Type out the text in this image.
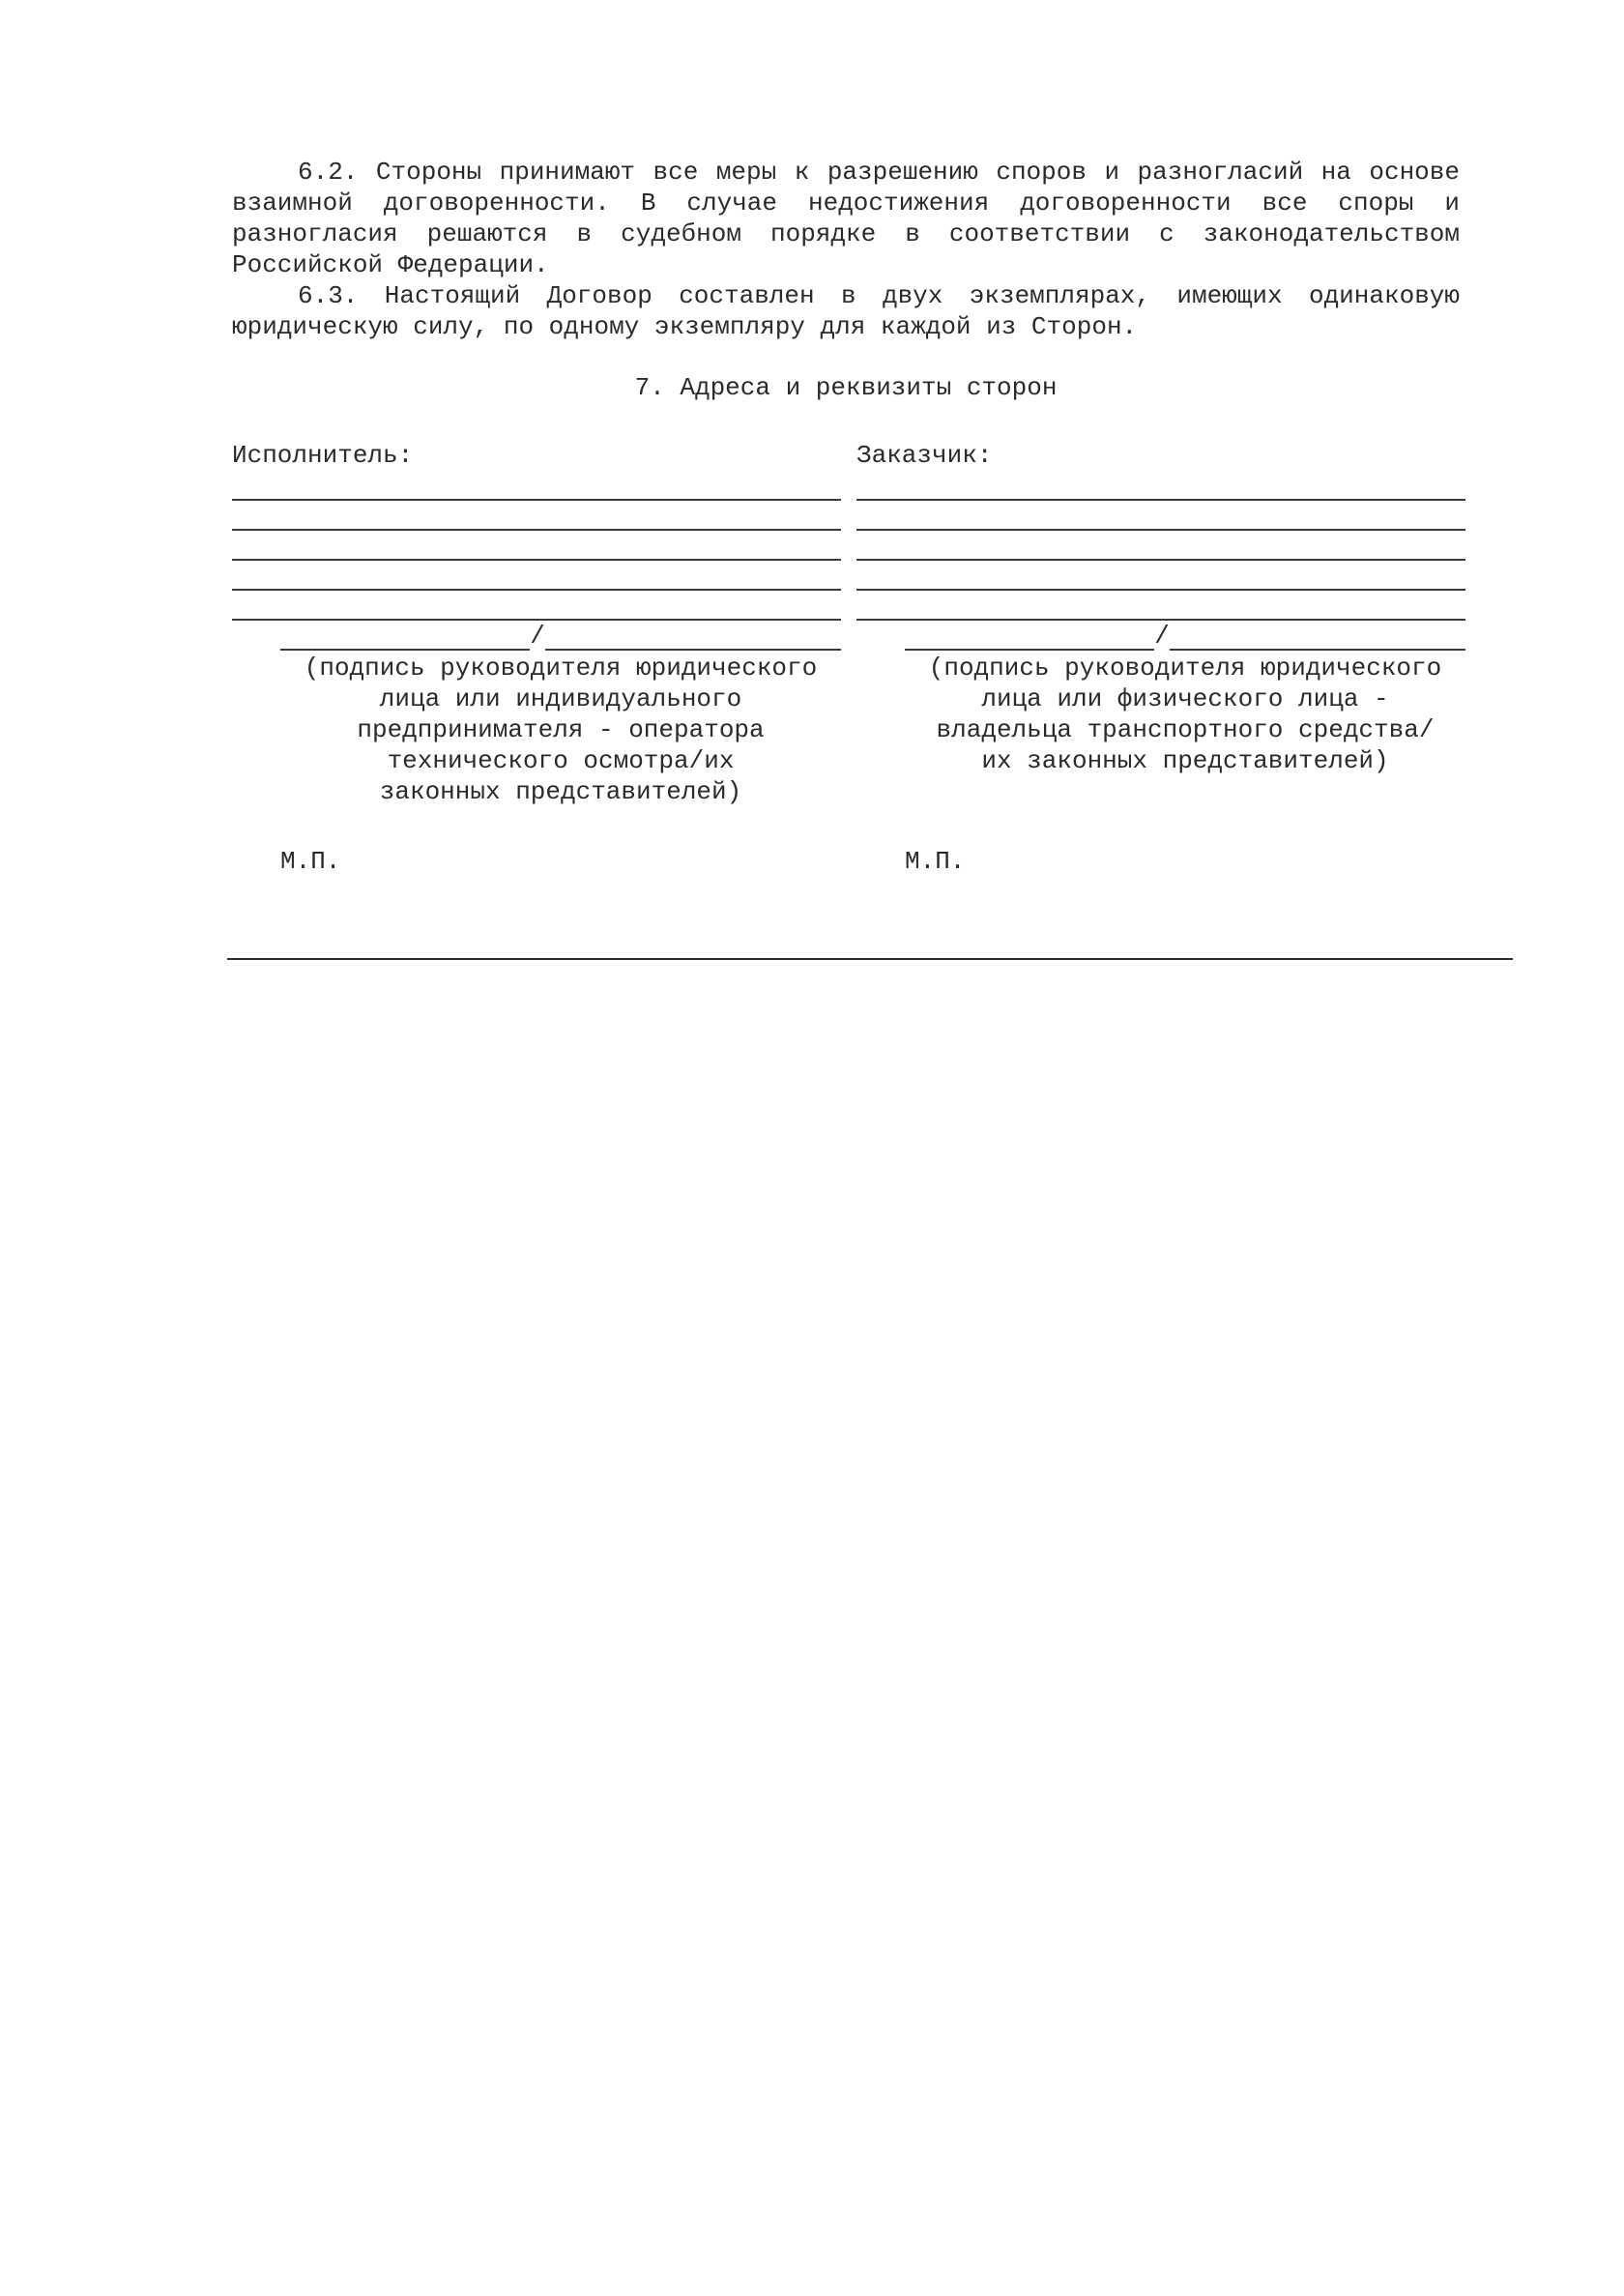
6.2. Стороны принимают все меры к разрешению споров и разногласий на основе взаимной договоренности. В случае недостижения договоренности все споры и разногласия решаются в судебном порядке в соответствии с законодательством Российской Федерации.

6.3. Настоящий Договор составлен в двух экземплярах, имеющих одинаковую юридическую силу, по одному экземпляру для каждой из Сторон.

7. Адреса и реквизиты сторон

Исполнитель:

/

(подпись руководителя юридического
лица или индивидуального
предпринимателя - оператора
технического осмотра/их
законных представителей)

Заказчик:

/

(подпись руководителя юридического
лица или физического лица -
владельца транспортного средства/
их законных представителей)

М.П.	М.П.
